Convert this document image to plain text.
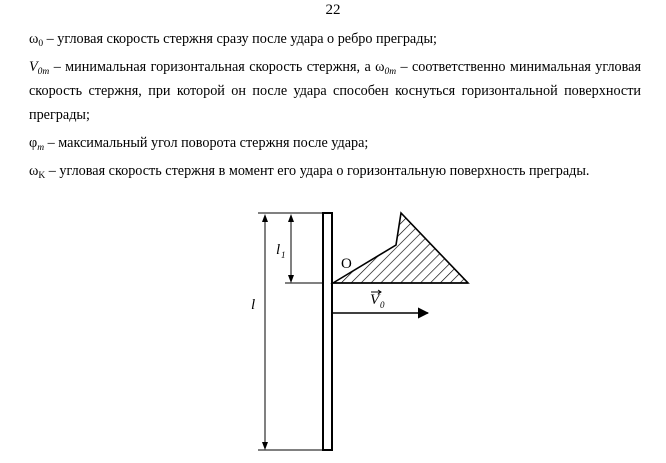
22

$\omega_0$ – угловая скорость стержня сразу после удара о ребро преграды;

$V_{0m}$ – минимальная горизонтальная скорость стержня, а $\omega_{0m}$ – соответственно минимальная угловая скорость стержня, при которой он после удара способен коснуться горизонтальной поверхности преграды;

$\varphi_m$ – максимальный угол поворота стержня после удара;

$\omega_K$ – угловая скорость стержня в момент его удара о горизонтальную поверхность преграды.

l 1
l
O
V 0
